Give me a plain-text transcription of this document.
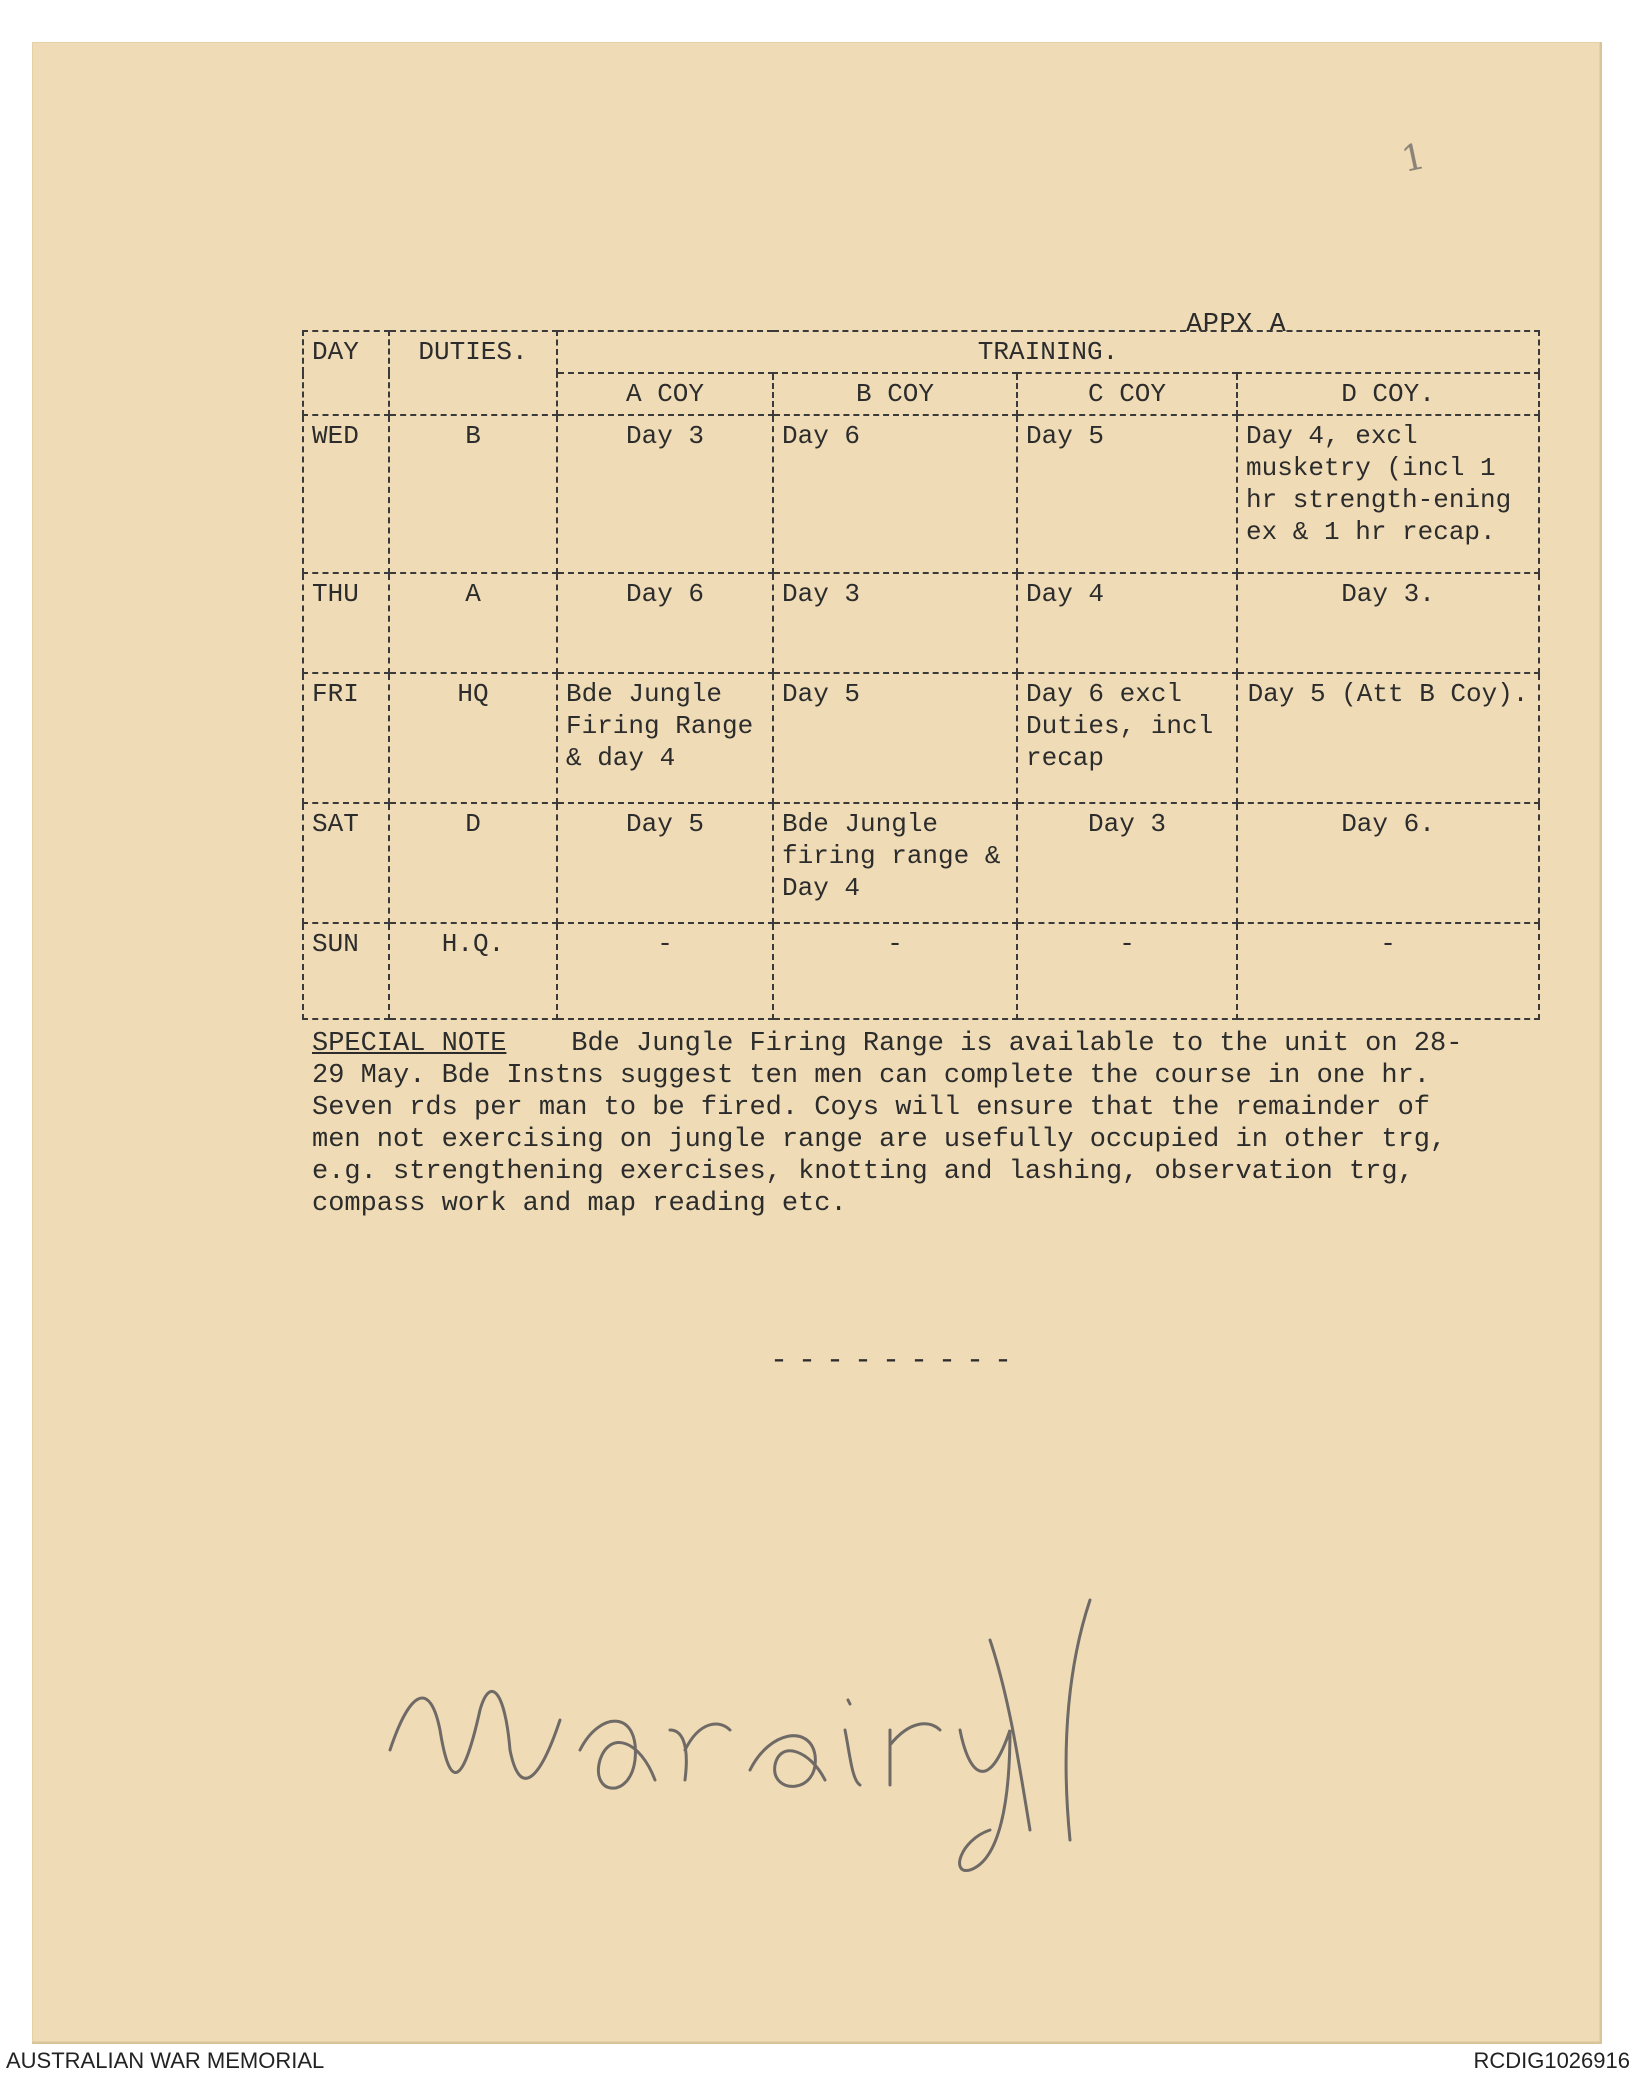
1
APPX A
DAY	DUTIES.	TRAINING.			
		A COY	B COY	C COY	D COY.
WED	B	Day 3	Day 6	Day 5	Day 4, excl musketry (incl 1 hr strength-ening ex & 1 hr recap.
THU	A	Day 6	Day 3	Day 4	Day 3.
FRI	HQ	Bde Jungle Firing Range & day 4	Day 5	Day 6 excl Duties, incl recap	Day 5 (Att B Coy).
SAT	D	Day 5	Bde Jungle firing range & Day 4	Day 3	Day 6.
SUN	H.Q.	-	-	-	-
SPECIAL NOTE Bde Jungle Firing Range is available to the unit on 28-29 May. Bde Instns suggest ten men can complete the course in one hr. Seven rds per man to be fired. Coys will ensure that the remainder of men not exercising on jungle range are usefully occupied in other trg, e.g. strengthening exercises, knotting and lashing, observation trg, compass work and map reading etc.
---------
War diary
AUSTRALIAN WAR MEMORIAL	RCDIG1026916
